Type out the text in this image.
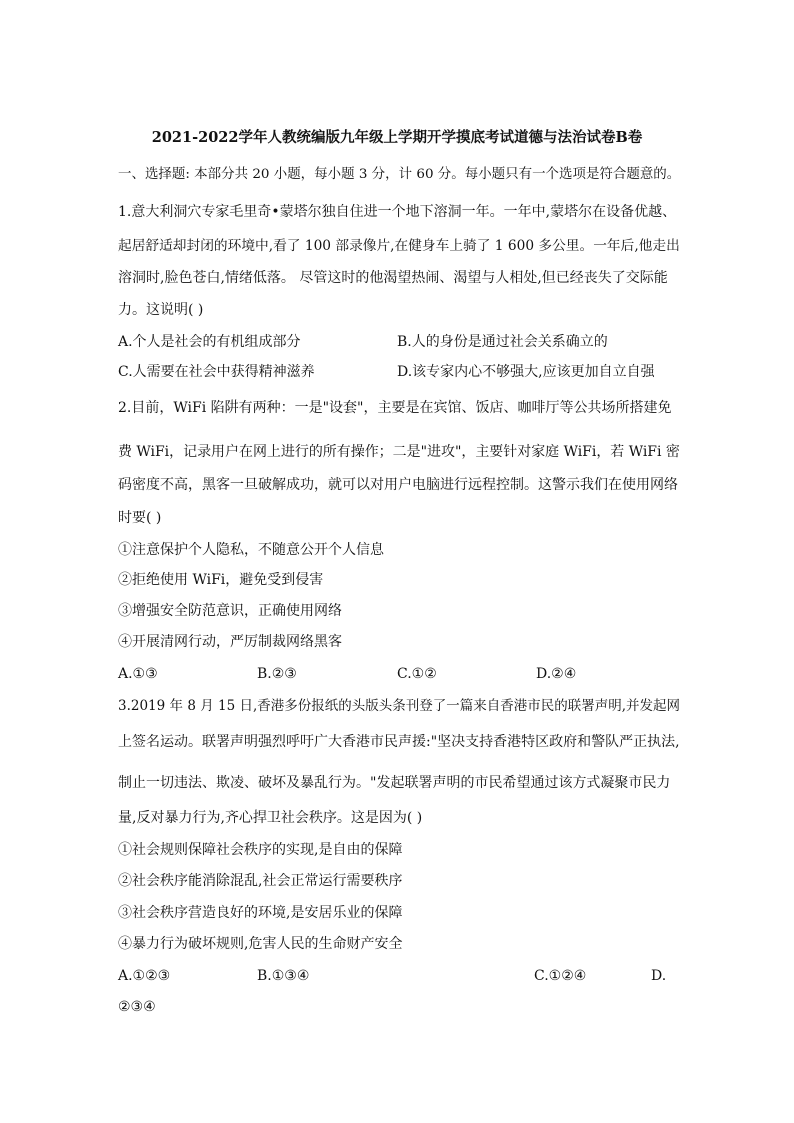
2021-2022学年人教统编版九年级上学期开学摸底考试道德与法治试卷B卷
一、选择题: 本部分共 20 小题，每小题 3 分，计 60 分。每小题只有一个选项是符合题意的。
1.意大利洞穴专家毛里奇•蒙塔尔独自住进一个地下溶洞一年。一年中,蒙塔尔在设备优越、
起居舒适却封闭的环境中,看了 100 部录像片,在健身车上骑了 1 600 多公里。一年后,他走出
溶洞时,脸色苍白,情绪低落。 尽管这时的他渴望热闹、渴望与人相处,但已经丧失了交际能
力。这说明( )
A.个人是社会的有机组成部分	B.人的身份是通过社会关系确立的
C.人需要在社会中获得精神滋养	D.该专家内心不够强大,应该更加自立自强
2.目前，WiFi 陷阱有两种：一是"设套"，主要是在宾馆、饭店、咖啡厅等公共场所搭建免
费 WiFi，记录用户在网上进行的所有操作；二是"进攻"，主要针对家庭 WiFi，若 WiFi 密
码密度不高，黑客一旦破解成功，就可以对用户电脑进行远程控制。这警示我们在使用网络
时要( )
①注意保护个人隐私，不随意公开个人信息
②拒绝使用 WiFi，避免受到侵害
③增强安全防范意识，正确使用网络
④开展清网行动，严厉制裁网络黑客
A.①③	B.②③	C.①②	D.②④
3.2019 年 8 月 15 日,香港多份报纸的头版头条刊登了一篇来自香港市民的联署声明,并发起网
上签名运动。联署声明强烈呼吁广大香港市民声援:"坚决支持香港特区政府和警队严正执法,
制止一切违法、欺凌、破坏及暴乱行为。"发起联署声明的市民希望通过该方式凝聚市民力
量,反对暴力行为,齐心捍卫社会秩序。这是因为( )
①社会规则保障社会秩序的实现,是自由的保障
②社会秩序能消除混乱,社会正常运行需要秩序
③社会秩序营造良好的环境,是安居乐业的保障
④暴力行为破坏规则,危害人民的生命财产安全
A.①②③	B.①③④	C.①②④	D.
②③④
